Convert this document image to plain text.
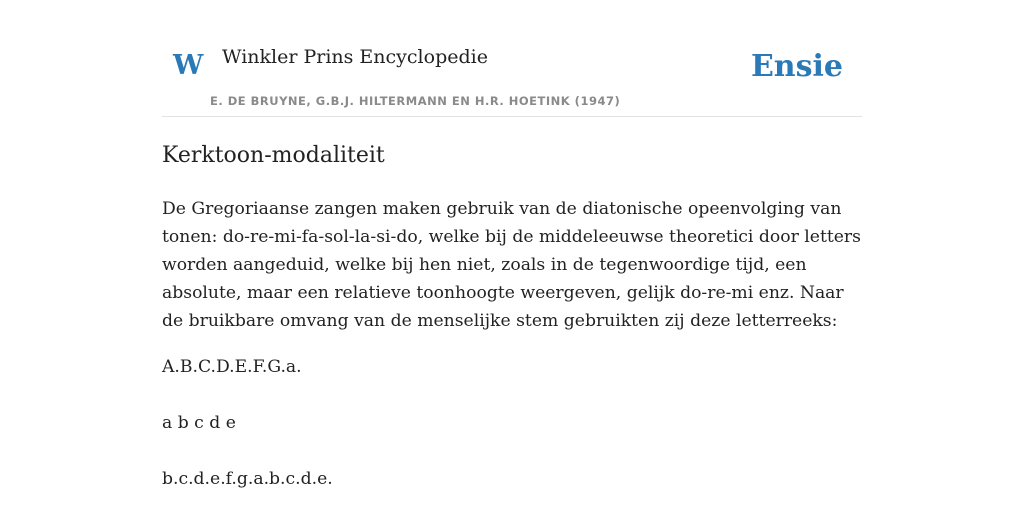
W Winkler Prins Encyclopedie
E. DE BRUYNE, G.B.J. HILTERMANN EN H.R. HOETINK (1947)
Ensie
Kerktoon-modaliteit

De Gregoriaanse zangen maken gebruik van de diatonische opeenvolging van tonen: do-re-mi-fa-sol-la-si-do, welke bij de middeleeuwse theoretici door letters worden aangeduid, welke bij hen niet, zoals in de tegenwoordige tijd, een absolute, maar een relatieve toonhoogte weergeven, gelijk do-re-mi enz. Naar de bruikbare omvang van de menselijke stem gebruikten zij deze letterreeks:

A.B.C.D.E.F.G.a.

a b c d e

b.c.d.e.f.g.a.b.c.d.e.
